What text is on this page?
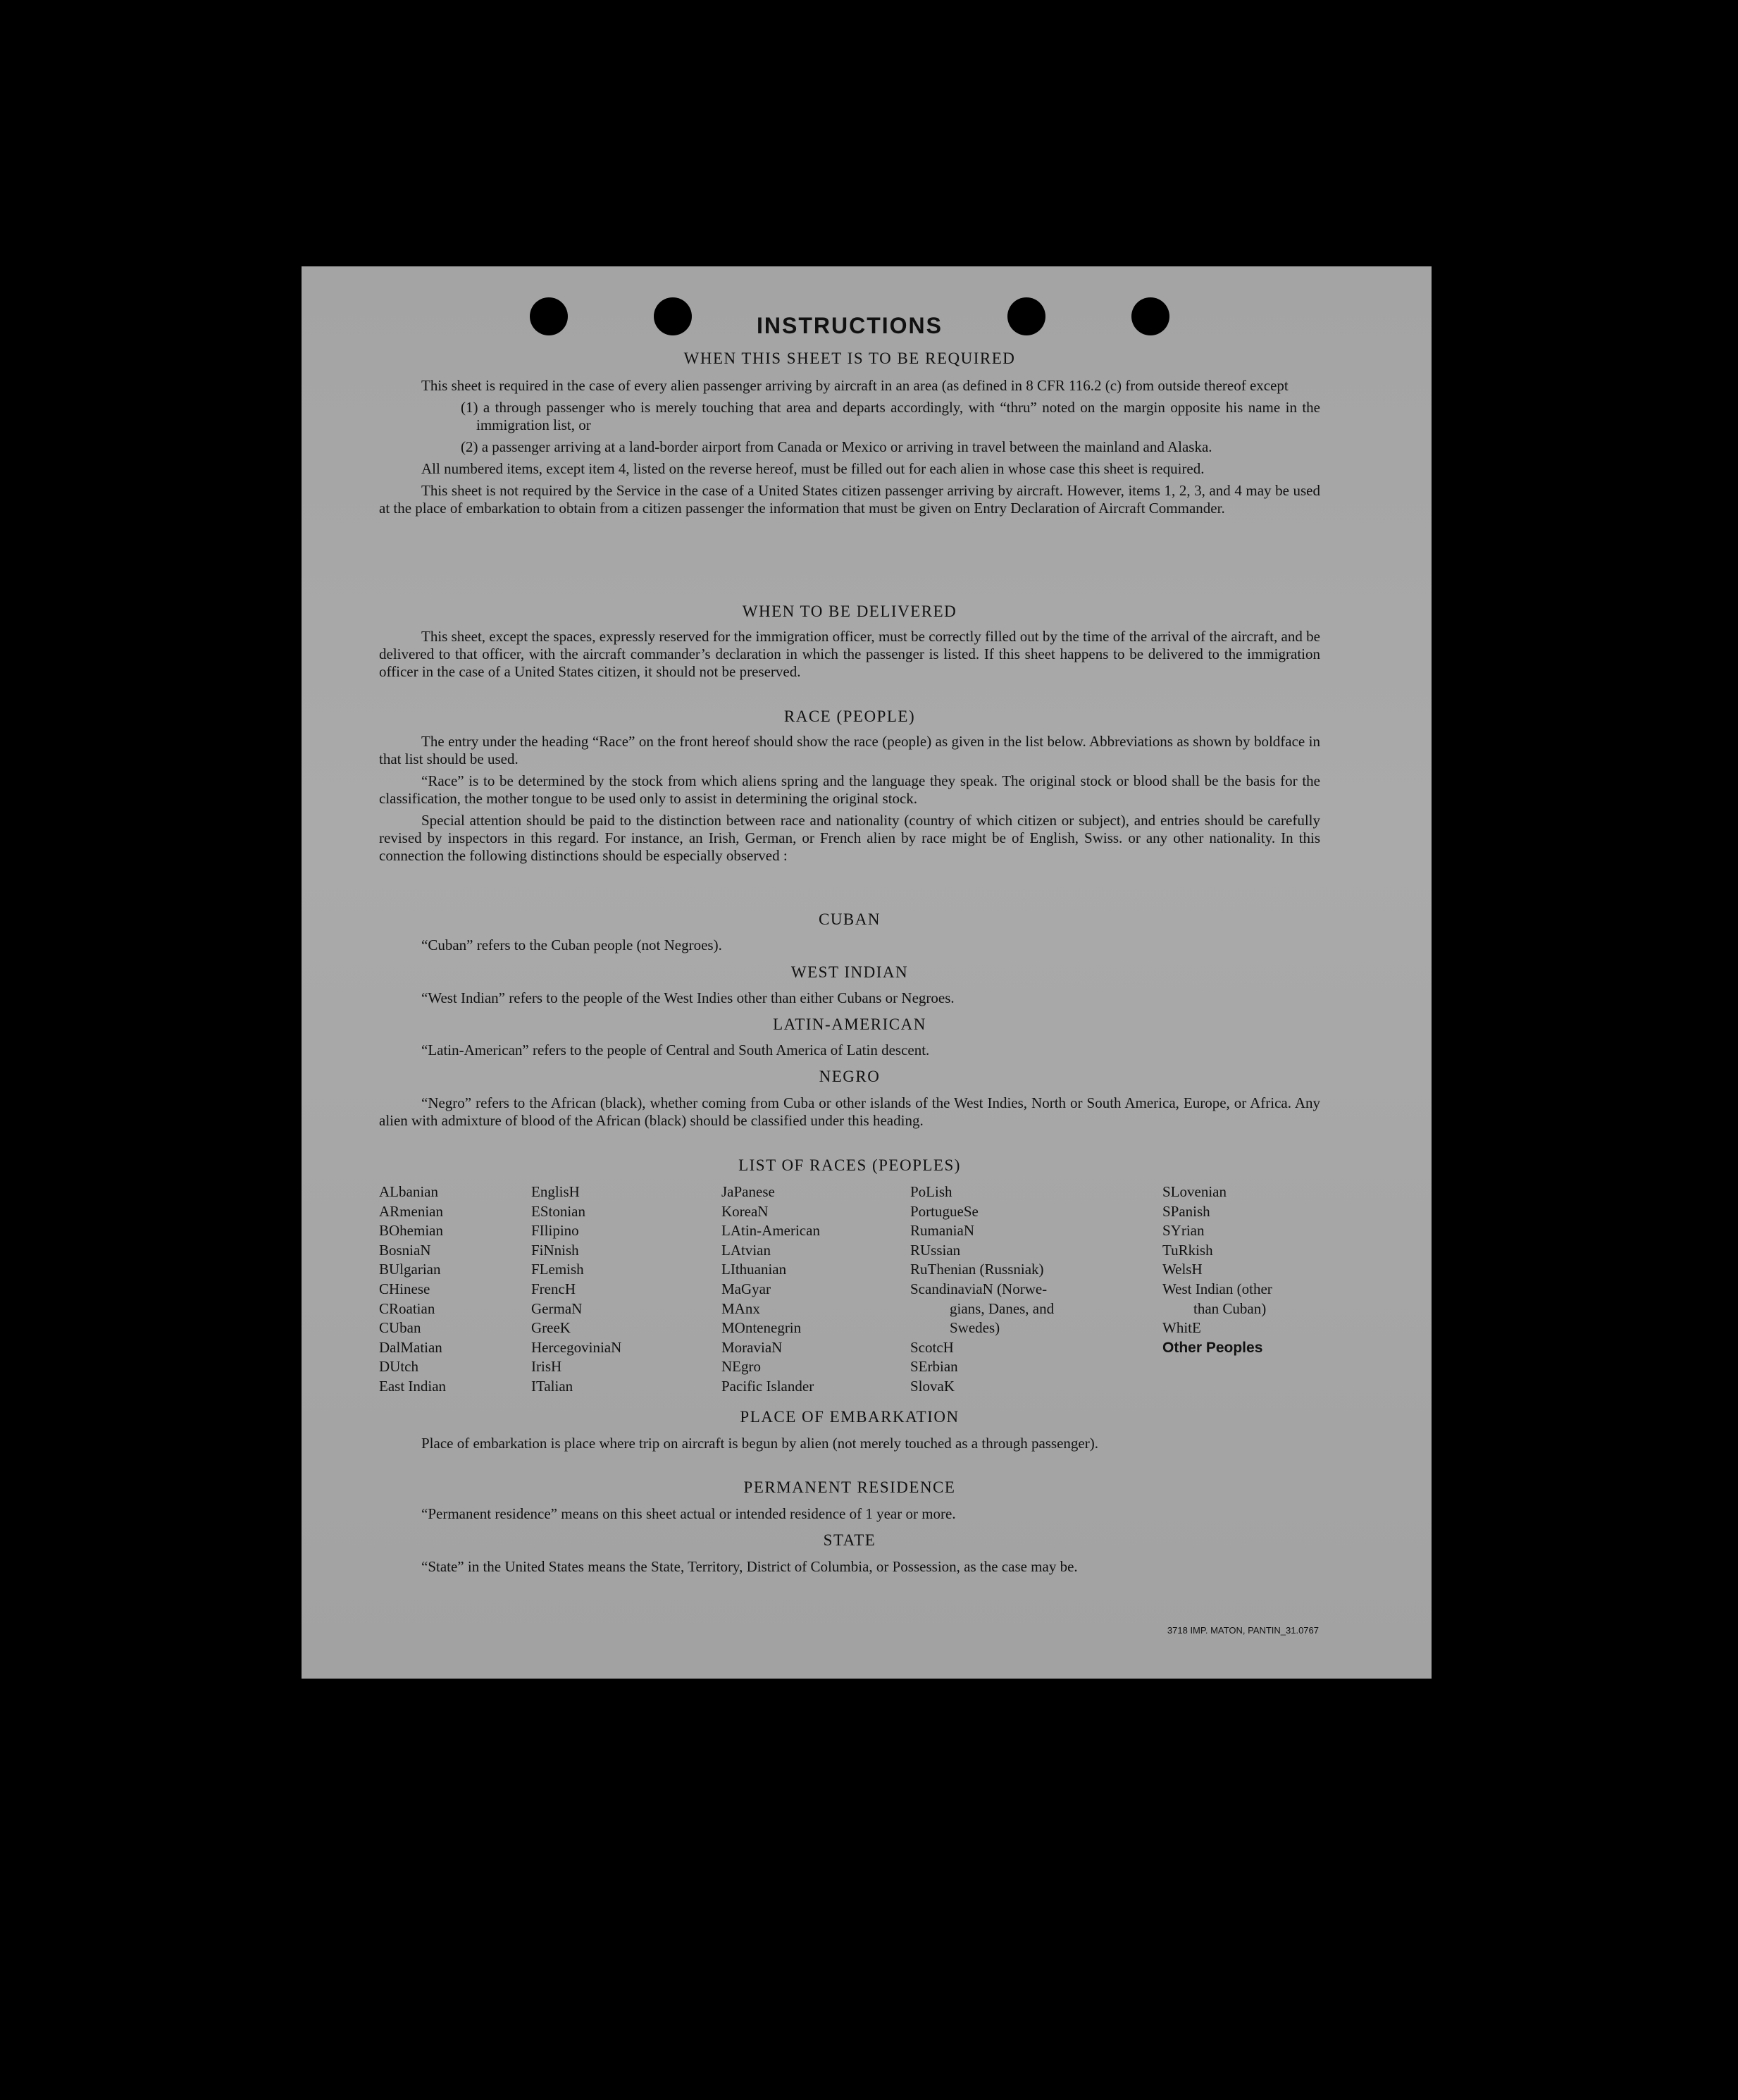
INSTRUCTIONS
WHEN THIS SHEET IS TO BE REQUIRED

This sheet is required in the case of every alien passenger arriving by aircraft in an area (as defined in 8 CFR 116.2 (c) from outside thereof except

(1) a through passenger who is merely touching that area and departs accordingly, with “thru” noted on the margin opposite his name in the immigration list, or

(2) a passenger arriving at a land-border airport from Canada or Mexico or arriving in travel between the mainland and Alaska.

All numbered items, except item 4, listed on the reverse hereof, must be filled out for each alien in whose case this sheet is required.

This sheet is not required by the Service in the case of a United States citizen passenger arriving by aircraft. However, items 1, 2, 3, and 4 may be used at the place of embarkation to obtain from a citizen passenger the information that must be given on Entry Declaration of Aircraft Commander.

WHEN TO BE DELIVERED

This sheet, except the spaces, expressly reserved for the immigration officer, must be correctly filled out by the time of the arrival of the aircraft, and be delivered to that officer, with the aircraft commander’s declaration in which the passenger is listed. If this sheet happens to be delivered to the immigration officer in the case of a United States citizen, it should not be preserved.

RACE (PEOPLE)

The entry under the heading “Race” on the front hereof should show the race (people) as given in the list below. Abbreviations as shown by boldface in that list should be used.

“Race” is to be determined by the stock from which aliens spring and the language they speak. The original stock or blood shall be the basis for the classification, the mother tongue to be used only to assist in determining the original stock.

Special attention should be paid to the distinction between race and nationality (country of which citizen or subject), and entries should be carefully revised by inspectors in this regard. For instance, an Irish, German, or French alien by race might be of English, Swiss. or any other nationality. In this connection the following distinctions should be especially observed :

CUBAN

“Cuban” refers to the Cuban people (not Negroes).

WEST INDIAN

“West Indian” refers to the people of the West Indies other than either Cubans or Negroes.

LATIN-AMERICAN

“Latin-American” refers to the people of Central and South America of Latin descent.

NEGRO

“Negro” refers to the African (black), whether coming from Cuba or other islands of the West Indies, North or South America, Europe, or Africa. Any alien with admixture of blood of the African (black) should be classified under this heading.

LIST OF RACES (PEOPLES)
ALbanian
ARmenian
BOhemian
BosniaN
BUlgarian
CHinese
CRoatian
CUban
DalMatian
DUtch
East Indian
EnglisH
EStonian
FIlipino
FiNnish
FLemish
FrencH
GermaN
GreeK
HercegoviniaN
IrisH
ITalian
JaPanese
KoreaN
LAtin-American
LAtvian
LIthuanian
MaGyar
MAnx
MOntenegrin
MoraviaN
NEgro
Pacific Islander
PoLish
PortugueSe
RumaniaN
RUssian
RuThenian (Russniak)
ScandinaviaN (Norwe-
gians, Danes, and
Swedes)
ScotcH
SErbian
SlovaK
SLovenian
SPanish
SYrian
TuRkish
WelsH
West Indian (other
than Cuban)
WhitE
Other Peoples
PLACE OF EMBARKATION

Place of embarkation is place where trip on aircraft is begun by alien (not merely touched as a through passenger).

PERMANENT RESIDENCE

“Permanent residence” means on this sheet actual or intended residence of 1 year or more.

STATE

“State” in the United States means the State, Territory, District of Columbia, or Possession, as the case may be.

3718 IMP. MATON, PANTIN_31.0767
